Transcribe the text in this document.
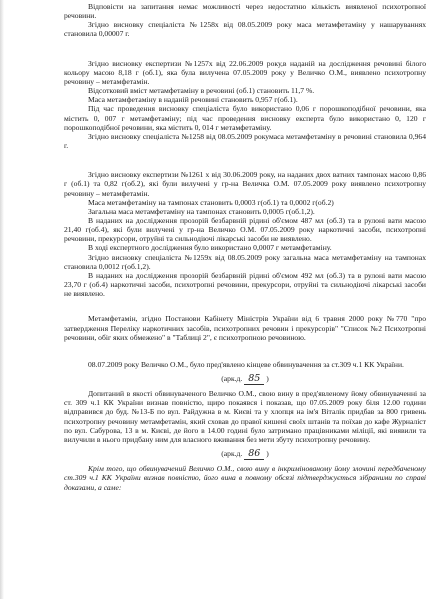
Відповісти на запитання немає можливості через недостатню кількість виявленої психотропної речовини.

Згідно висновку спеціаліста №1258х від 08.05.2009 року маса метамфетаміну у нашаруваннях становила 0,00007 г.

Згідно висновку експертизи №1257х від 22.06.2009 року,в наданій на дослідження речовині білого кольору масою 8,18 г (об.1), яка була вилучена 07.05.2009 року у Величко О.М., виявлено психотропну речовину – метамфетамін.

Відсотковий вміст метамфетаміну в речовині (об.1) становить 11,7 %.

Маса метамфетаміну в наданій речовині становить 0,957 г(об.1).

Під час проведення висновку спеціаліста було використано 0,06 г порошкоподібної речовини, яка містить 0, 007 г метамфетаміну; під час проведення висновку експерта було використано 0, 120 г порошкоподібної речовини, яка містить 0, 014 г метамфетаміну.

Згідно висновку спеціаліста №1258 від 08.05.2009 рокумаса метамфетаміну в речовині становила 0,964 г.

Згідно висновку експертизи №1261 х від 30.06.2009 року, на наданих двох ватних тампонах масою 0,86 г (об.1) та 0,82 г(об.2), які були вилучені у гр-на Величка О.М. 07.05.2009 року виявлено психотропну речовину – метамфетамін.

Маса метамфетаміну на тампонах становить 0,0003 г(об.1) та 0,0002 г(об.2)

Загальна маса метамфетаміну на тампонах становить 0,0005 г(об.1,2).

В наданих на дослідження прозорій безбарвній рідині об'ємом 487 мл (об.3) та в рулоні вати масою 21,40 г(об.4), які були вилучені у гр-на Величко О.М. 07.05.2009 року наркотичні засоби, психотропні речовини, прекурсори, отруйні та сильнодіючі лікарські засоби не виявлено.

В ході експертного дослідження було використано 0,0007 г метамфетаміну.

Згідно висновку спеціаліста №1259х від 08.05.2009 року загальна маса метамфетаміну на тампонах становила 0,0012 г(об.1,2).

В наданих на дослідження прозорій безбарвній рідині об'ємом 492 мл (об.3) та в рулоні вати масою 23,70 г (об.4) наркотичні засоби, психотропні речовини, прекурсори, отруйні та сильнодіючі лікарські засоби не виявлено.

Метамфетамін, згідно Постанови Кабінету Міністрів України від 6 травня 2000 року №770 "про затвердження Переліку наркотичних засобів, психотропних речовин і прекурсорів" "Список №2 Психотропні речовини, обіг яких обмежено" в "Таблиці 2", є психотропною речовиною.

08.07.2009 року Величко О.М., було пред'явлено кінцеве обвинувачення за ст.309 ч.1 КК України.

(арк.д. 85 )

Допитаний в якості обвинуваченого Величко О.М., свою вину в пред'явленому йому обвинуваченні за ст. 309 ч.1 КК України визнав повністю, щиро покаявся і показав, що 07.05.2009 року біля 12.00 години відправився до буд. №13-Б по вул. Райдужна в м. Києві та у хлопця на ім'я Віталік придбав за 800 гривень психотропну речовину метамфетамін, який сховав до правої кишені своїх штанів та поїхав до кафе Журналіст по вул. Сабурова, 13 в м. Києві, де його в 14.00 годині було затримано працівниками міліції, які виявили та вилучили в нього придбану ним для власного вживання без мети збуту психотропну речовину.

(арк.д. 86 )

Крім того, що обвинувачений Величко О.М., свою вину в інкримінованому йому злочині передбаченому ст.309 ч.1 КК України визнав повністю, його вина в повному обсязі підтверджується зібраними по справі доказами, а саме:
